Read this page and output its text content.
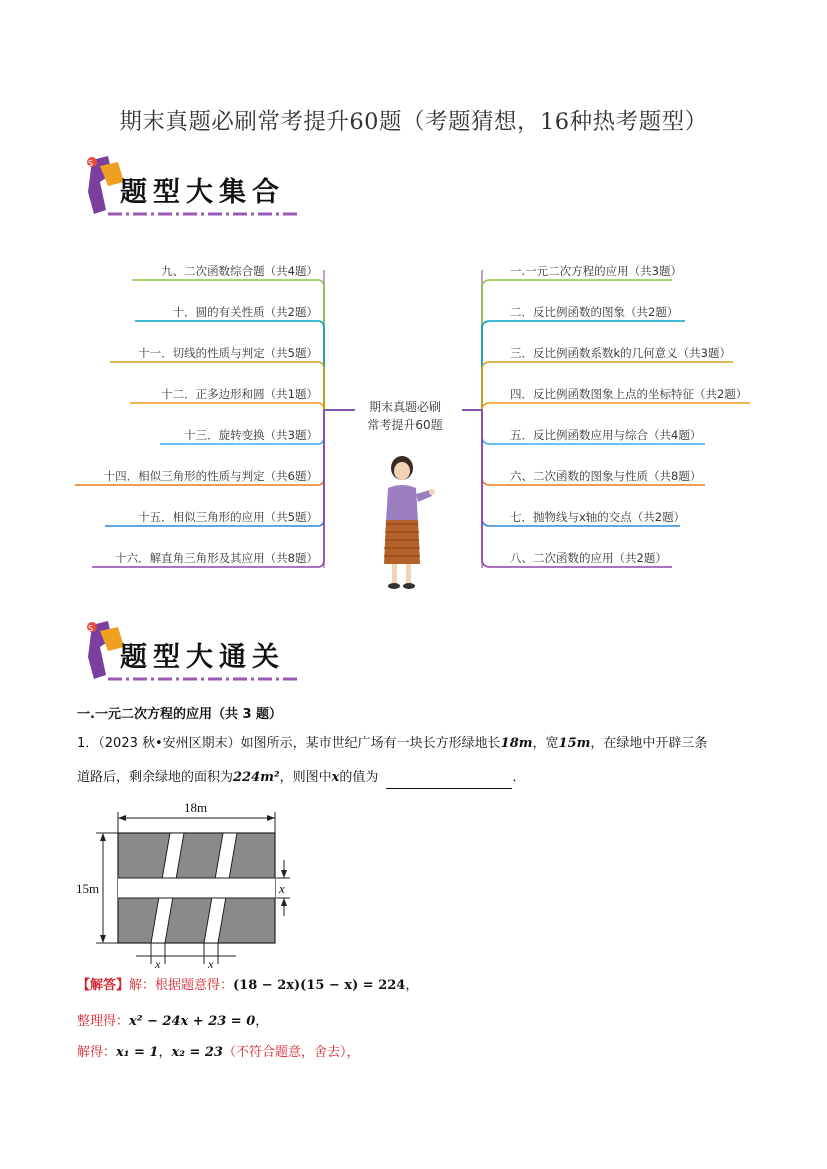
期末真题必刷常考提升60题（考题猜想，16种热考题型）
S
题型大集合
九、二次函数综合题（共4题）
十．圆的有关性质（共2题）
十一．切线的性质与判定（共5题）
十二．正多边形和圆（共1题）
十三．旋转变换（共3题）
十四．相似三角形的性质与判定（共6题）
十五．相似三角形的应用（共5题）
十六．解直角三角形及其应用（共8题）
一.一元二次方程的应用（共3题）
二．反比例函数的图象（共2题）
三．反比例函数系数k的几何意义（共3题）
四．反比例函数图象上点的坐标特征（共2题）
五．反比例函数应用与综合（共4题）
六、二次函数的图象与性质（共8题）
七．抛物线与x轴的交点（共2题）
八、二次函数的应用（共2题）
期末真题必刷
常考提升60题
S
题型大通关
一.一元二次方程的应用（共 3 题）
1．（2023 秋•安州区期末）如图所示，某市世纪广场有一块长方形绿地长18m，宽15m，在绿地中开辟三条
道路后，剩余绿地的面积为224m²，则图中x的值为	．
18m
15m	x
x	x
【解答】解：根据题意得：(18 − 2x)(15 − x) = 224，
整理得：x² − 24x + 23 = 0，
解得：x₁ = 1，x₂ = 23（不符合题意，舍去），
